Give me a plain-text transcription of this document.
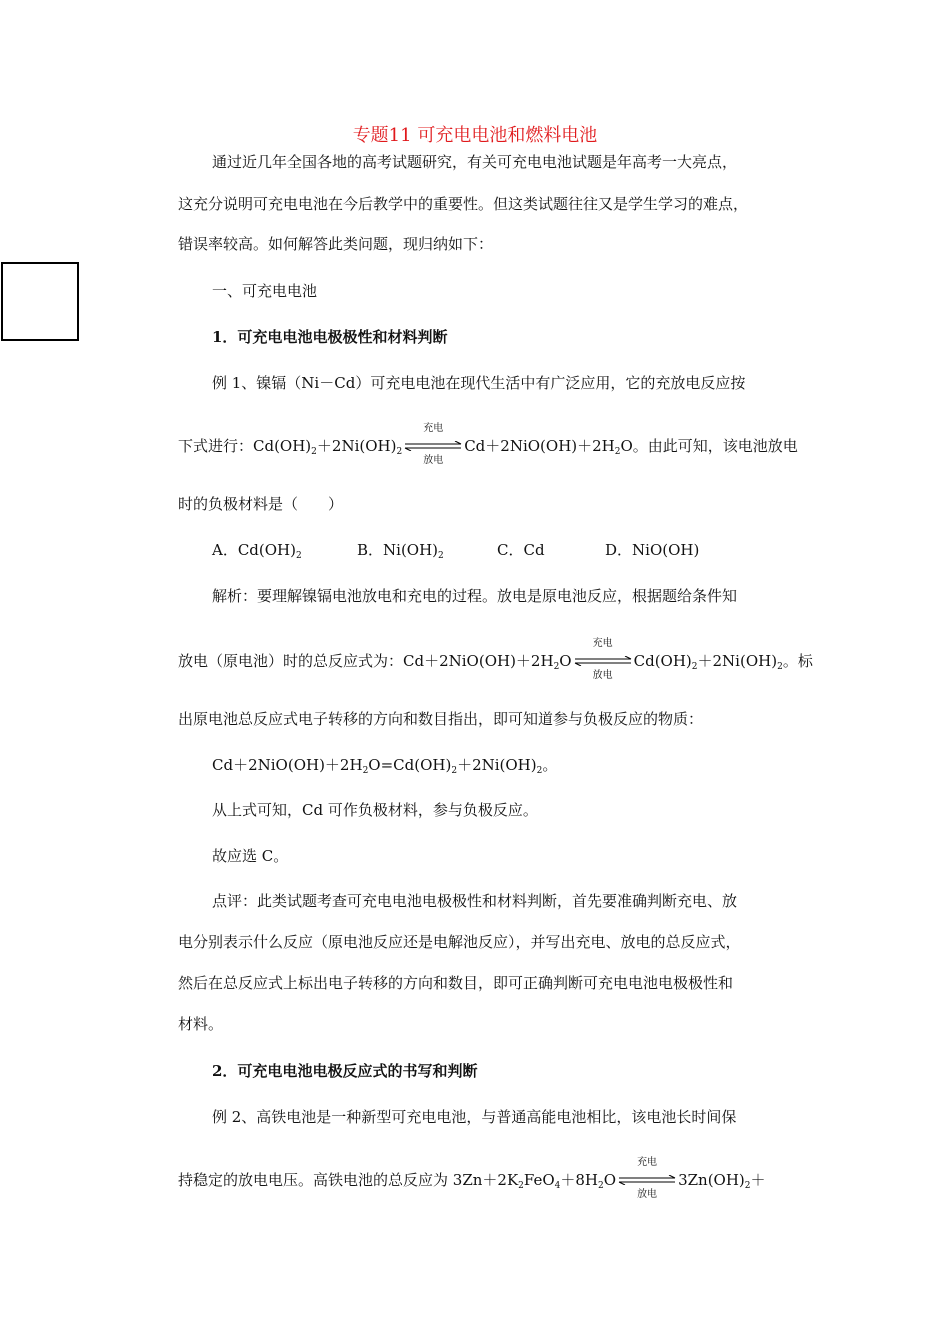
专题11 可充电电池和燃料电池
通过近几年全国各地的高考试题研究，有关可充电电池试题是年高考一大亮点，
这充分说明可充电电池在今后教学中的重要性。但这类试题往往又是学生学习的难点，
错误率较高。如何解答此类问题，现归纳如下：
一、可充电电池
1．可充电电池电极极性和材料判断
例 1、镍镉（Ni－Cd）可充电电池在现代生活中有广泛应用，它的充放电反应按
下式进行：$Cd(OH)_2+2Ni(OH)_2$
充电
放电
$Cd+2NiO(OH)+2H_2O$。由此可知，该电池放电
时的负极材料是（　　）
A．$Cd(OH)_2$	B．$Ni(OH)_2$	C．Cd	D．NiO(OH)
解析：要理解镍镉电池放电和充电的过程。放电是原电池反应，根据题给条件知
放电（原电池）时的总反应式为：$Cd+2NiO(OH)+2H_2O$
充电
放电
$Cd(OH)_2+2Ni(OH)_2$。标
出原电池总反应式电子转移的方向和数目指出，即可知道参与负极反应的物质：
$Cd+2NiO(OH)+2H_2O=Cd(OH)_2+2Ni(OH)_2$。
从上式可知，Cd 可作负极材料，参与负极反应。
故应选 C。
点评：此类试题考查可充电电池电极极性和材料判断，首先要准确判断充电、放
电分别表示什么反应（原电池反应还是电解池反应），并写出充电、放电的总反应式，
然后在总反应式上标出电子转移的方向和数目，即可正确判断可充电电池电极极性和
材料。
2．可充电电池电极反应式的书写和判断
例 2、高铁电池是一种新型可充电电池，与普通高能电池相比，该电池长时间保
持稳定的放电电压。高铁电池的总反应为 $3Zn+2K_2FeO_4+8H_2O$
充电
放电
$3Zn(OH)_2+$
